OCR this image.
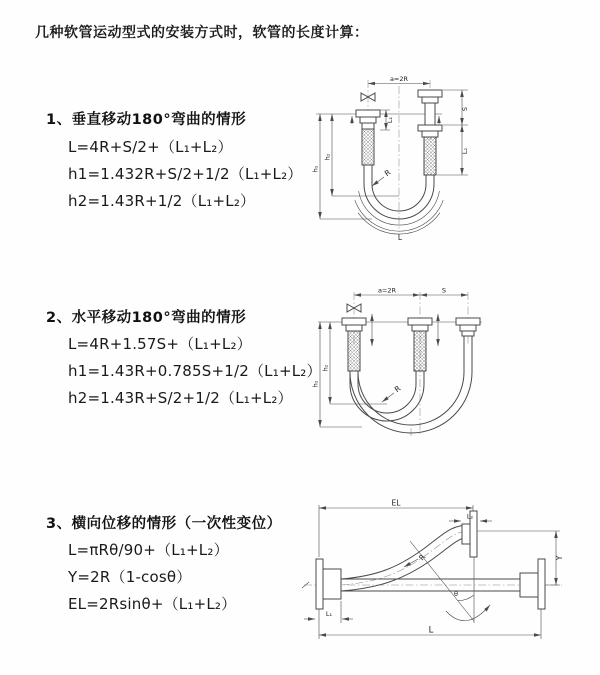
几种软管运动型式的安装方式时，软管的长度计算：
1、垂直移动180°弯曲的情形
L=4R+S/2+（L₁+L₂）
h1=1.432R+S/2+1/2（L₁+L₂）
h2=1.43R+1/2（L₁+L₂）
a=2R
L₁
S
L₂
h₁
h₂
R
L
2、水平移动180°弯曲的情形
L=4R+1.57S+（L₁+L₂）
h1=1.43R+0.785S+1/2（L₁+L₂）
h2=1.43R+S/2+1/2（L₁+L₂）
a=2R	S
h₁
h₂
R
3、横向位移的情形（一次性变位）
L=πRθ/90+（L₁+L₂）
Y=2R（1-cosθ）
EL=2Rsinθ+（L₁+L₂）
EL
L₂
Y
θ
R
L₁
L
